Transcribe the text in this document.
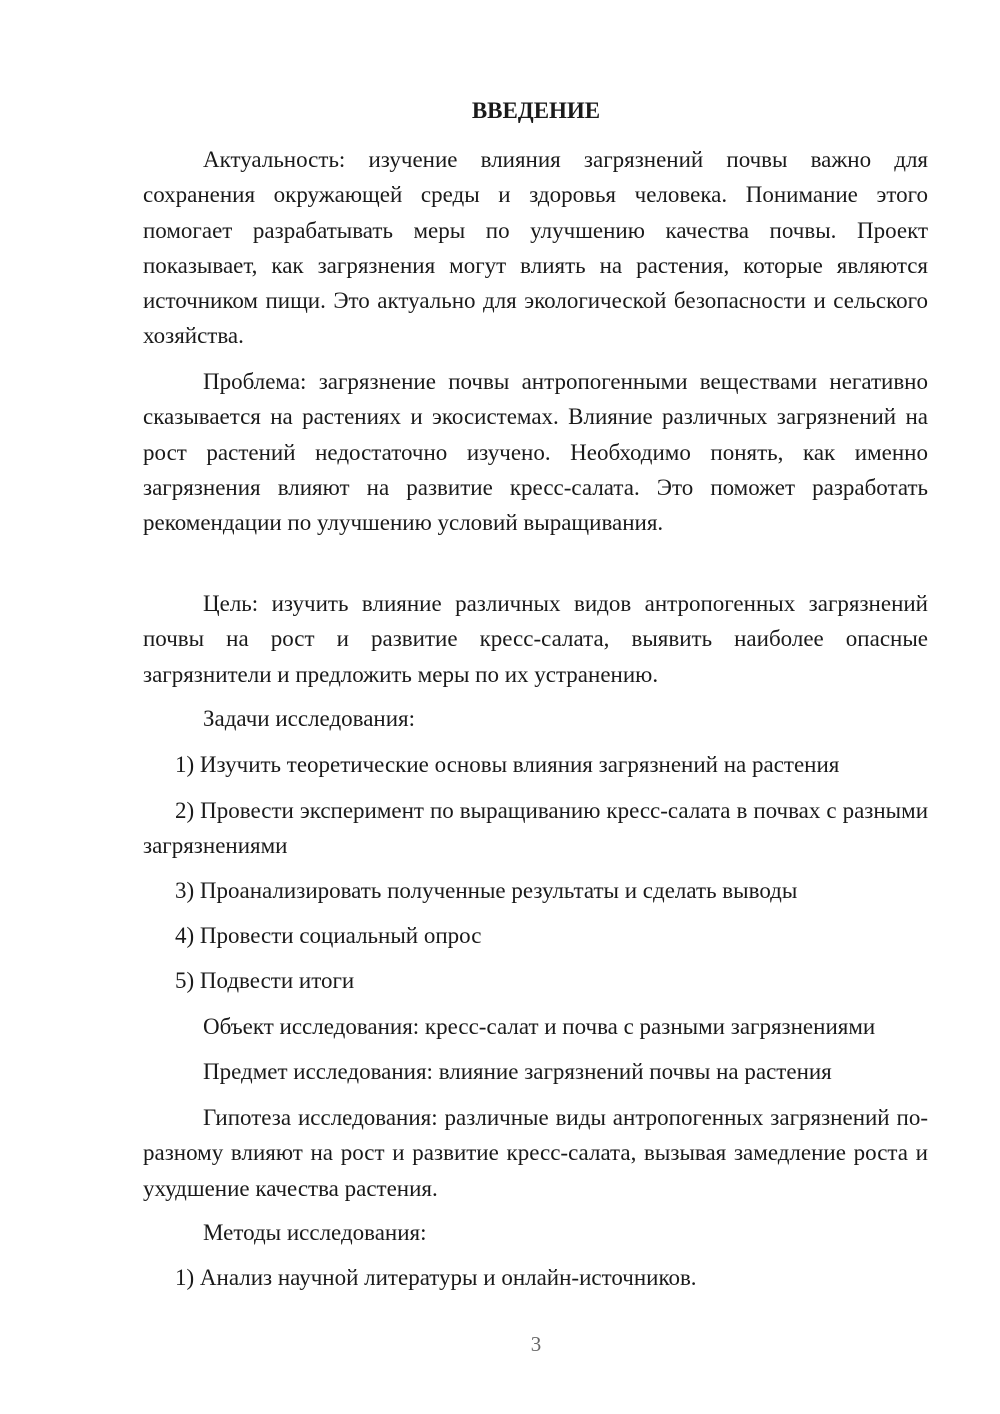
ВВЕДЕНИЕ

Актуальность: изучение влияния загрязнений почвы важно для сохранения окружающей среды и здоровья человека. Понимание этого помогает разрабатывать меры по улучшению качества почвы. Проект показывает, как загрязнения могут влиять на растения, которые являются источником пищи. Это актуально для экологической безопасности и сельского хозяйства.

Проблема: загрязнение почвы антропогенными веществами негативно сказывается на растениях и экосистемах. Влияние различных загрязнений на рост растений недостаточно изучено. Необходимо понять, как именно загрязнения влияют на развитие кресс-салата. Это поможет разработать рекомендации по улучшению условий выращивания.

Цель: изучить влияние различных видов антропогенных загрязнений почвы на рост и развитие кресс-салата, выявить наиболее опасные загрязнители и предложить меры по их устранению.

Задачи исследования:

1) Изучить теоретические основы влияния загрязнений на растения

2) Провести эксперимент по выращиванию кресс-салата в почвах с разными загрязнениями

3) Проанализировать полученные результаты и сделать выводы

4) Провести социальный опрос

5) Подвести итоги

Объект исследования: кресс-салат и почва с разными загрязнениями

Предмет исследования: влияние загрязнений почвы на растения

Гипотеза исследования: различные виды антропогенных загрязнений по-разному влияют на рост и развитие кресс-салата, вызывая замедление роста и ухудшение качества растения.

Методы исследования:

1) Анализ научной литературы и онлайн-источников.

3
